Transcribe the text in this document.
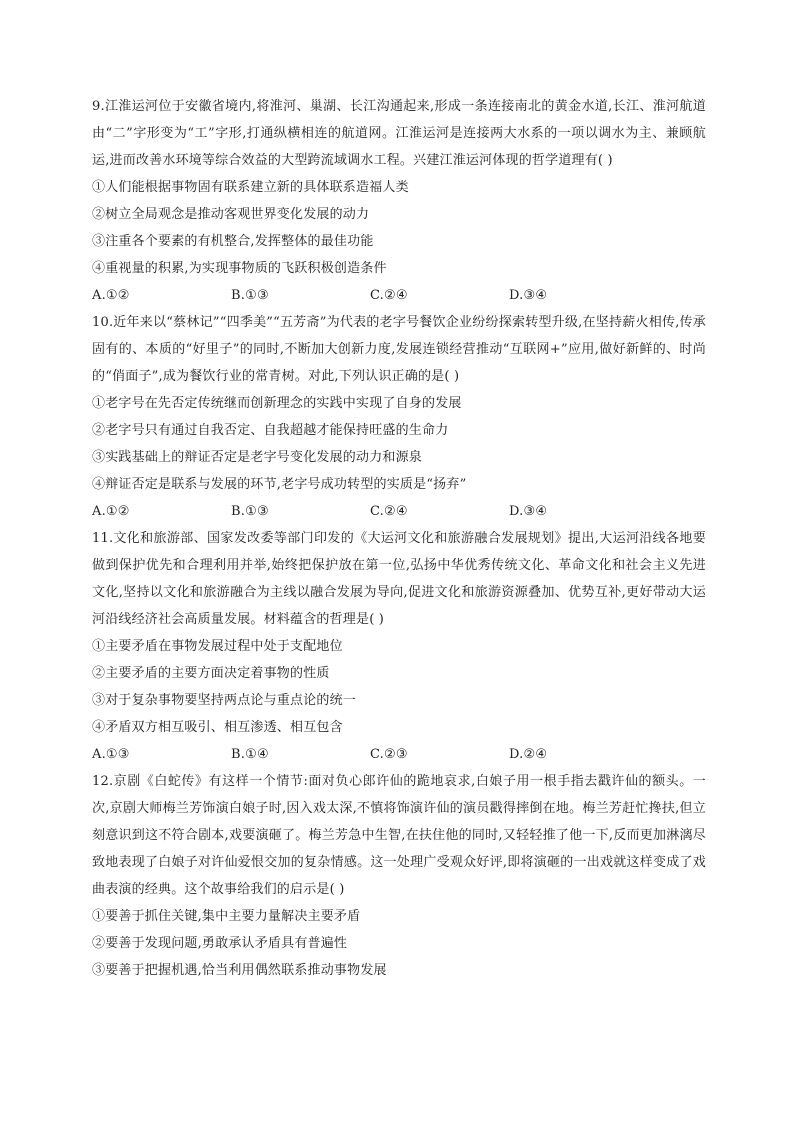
9.江淮运河位于安徽省境内,将淮河、巢湖、长江沟通起来,形成一条连接南北的黄金水道,长江、淮河航道由“二”字形变为“工”字形,打通纵横相连的航道网。江淮运河是连接两大水系的一项以调水为主、兼顾航运,进而改善水环境等综合效益的大型跨流域调水工程。兴建江淮运河体现的哲学道理有( )

①人们能根据事物固有联系建立新的具体联系造福人类

②树立全局观念是推动客观世界变化发展的动力

③注重各个要素的有机整合,发挥整体的最佳功能

④重视量的积累,为实现事物质的飞跃积极创造条件

A.①②	B.①③	C.②④	D.③④

10.近年来以“蔡林记”“四季美”“五芳斋”为代表的老字号餐饮企业纷纷探索转型升级,在坚持薪火相传,传承固有的、本质的“好里子”的同时,不断加大创新力度,发展连锁经营推动“互联网+”应用,做好新鲜的、时尚的“俏面子”,成为餐饮行业的常青树。对此,下列认识正确的是( )

①老字号在先否定传统继而创新理念的实践中实现了自身的发展

②老字号只有通过自我否定、自我超越才能保持旺盛的生命力

③实践基础上的辩证否定是老字号变化发展的动力和源泉

④辩证否定是联系与发展的环节,老字号成功转型的实质是“扬弃”

A.①②	B.①③	C.②④	D.③④

11.文化和旅游部、国家发改委等部门印发的《大运河文化和旅游融合发展规划》提出,大运河沿线各地要做到保护优先和合理利用并举,始终把保护放在第一位,弘扬中华优秀传统文化、革命文化和社会主义先进文化,坚持以文化和旅游融合为主线以融合发展为导向,促进文化和旅游资源叠加、优势互补,更好带动大运河沿线经济社会高质量发展。材料蕴含的哲理是( )

①主要矛盾在事物发展过程中处于支配地位

②主要矛盾的主要方面决定着事物的性质

③对于复杂事物要坚持两点论与重点论的统一

④矛盾双方相互吸引、相互渗透、相互包含

A.①③	B.①④	C.②③	D.②④

12.京剧《白蛇传》有这样一个情节:面对负心郎许仙的跪地哀求,白娘子用一根手指去戳许仙的额头。一次,京剧大师梅兰芳饰演白娘子时,因入戏太深,不慎将饰演许仙的演员戳得摔倒在地。梅兰芳赶忙搀扶,但立刻意识到这不符合剧本,戏要演砸了。梅兰芳急中生智,在扶住他的同时,又轻轻推了他一下,反而更加淋漓尽致地表现了白娘子对许仙爱恨交加的复杂情感。这一处理广受观众好评,即将演砸的一出戏就这样变成了戏曲表演的经典。这个故事给我们的启示是( )

①要善于抓住关键,集中主要力量解决主要矛盾

②要善于发现问题,勇敢承认矛盾具有普遍性

③要善于把握机遇,恰当利用偶然联系推动事物发展
